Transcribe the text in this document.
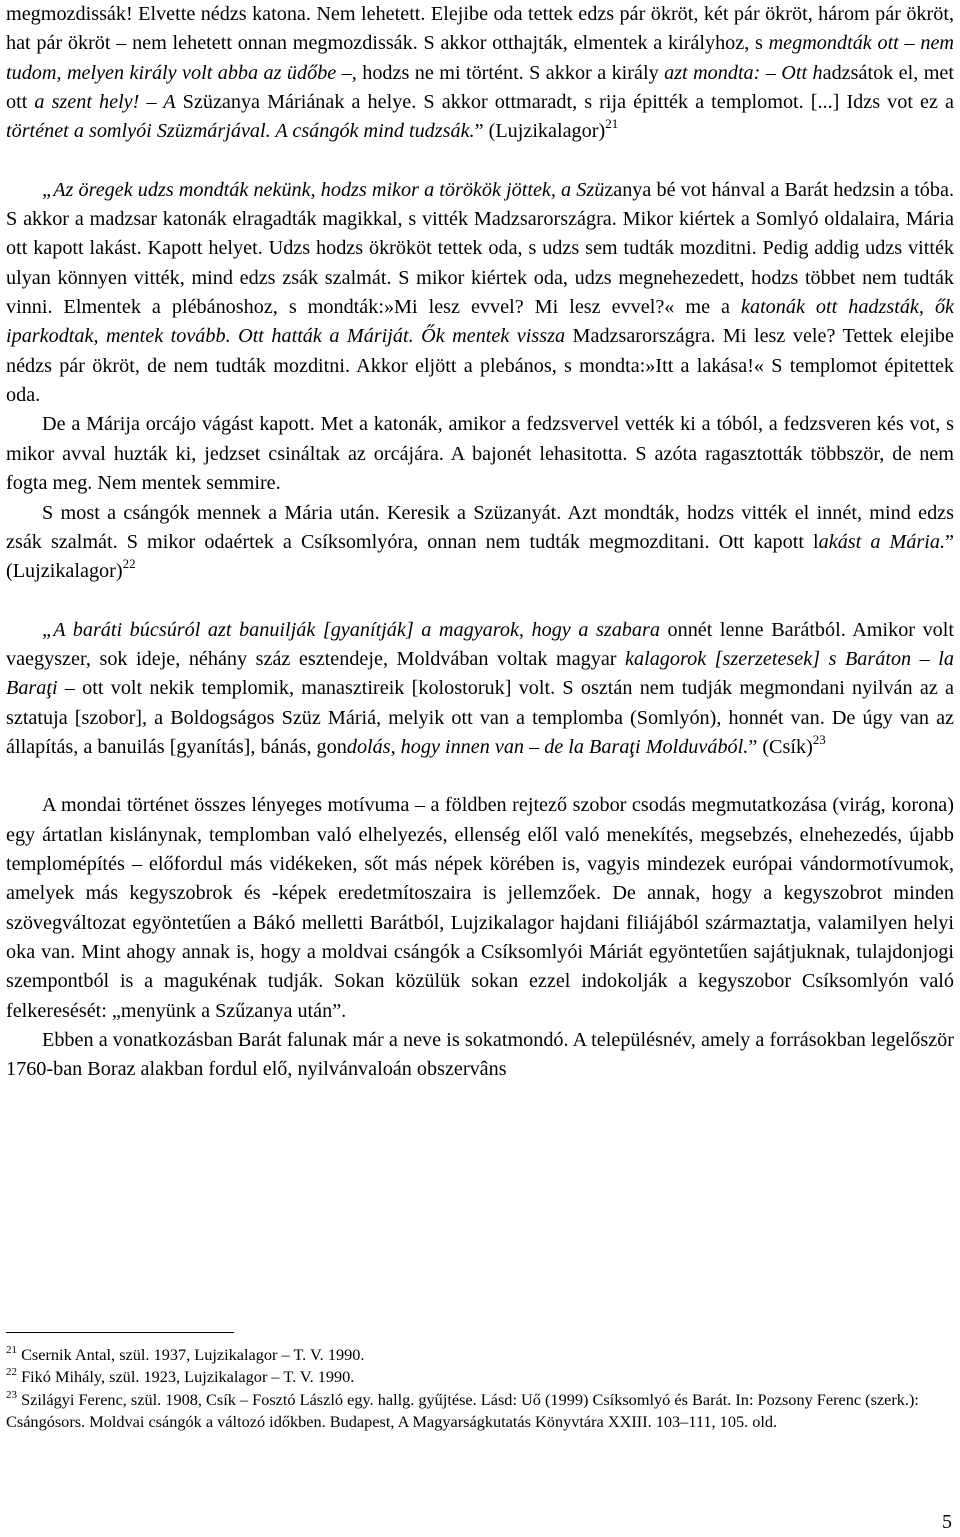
megmozdissák! Elvette nédzs katona. Nem lehetett. Elejibe oda tettek edzs pár ökröt, két pár ökröt, három pár ökröt, hat pár ökröt ‒ nem lehetett onnan megmozdissák. S akkor otthajták, elmentek a királyhoz, s megmondták ott ‒ nem tudom, melyen király volt abba az üdőbe ‒, hodzs ne mi történt. S akkor a király azt mondta: ‒ Ott hadzsátok el, met ott a szent hely! ‒ A Szüzanya Máriának a helye. S akkor ottmaradt, s rija épitték a templomot. [...] Idzs vot ez a történet a somlyói Szüzmárjával. A csángók mind tudzsák.” (Lujzikalagor)$^{21}$

„Az öregek udzs mondták nekünk, hodzs mikor a törökök jöttek, a Szüzanya bé vot hánval a Barát hedzsin a tóba. S akkor a madzsar katonák elragadták magikkal, s vitték Madzsarországra. Mikor kiértek a Somlyó oldalaira, Mária ott kapott lakást. Kapott helyet. Udzs hodzs ökrököt tettek oda, s udzs sem tudták mozditni. Pedig addig udzs vitték ulyan könnyen vitték, mind edzs zsák szalmát. S mikor kiértek oda, udzs megnehezedett, hodzs többet nem tudták vinni. Elmentek a plébánoshoz, s mondták:»Mi lesz evvel? Mi lesz evvel?« me a katonák ott hadzsták, ők iparkodtak, mentek tovább. Ott hatták a Máriját. Ők mentek vissza Madzsarországra. Mi lesz vele? Tettek elejibe nédzs pár ökröt, de nem tudták mozditni. Akkor eljött a plebános, s mondta:»Itt a lakása!« S templomot épitettek oda.

De a Márija orcájo vágást kapott. Met a katonák, amikor a fedzsvervel vették ki a tóból, a fedzsveren kés vot, s mikor avval huzták ki, jedzset csináltak az orcájára. A bajonét lehasitotta. S azóta ragasztották többször, de nem fogta meg. Nem mentek semmire.

S most a csángók mennek a Mária után. Keresik a Szüzanyát. Azt mondták, hodzs vitték el innét, mind edzs zsák szalmát. S mikor odaértek a Csíksomlyóra, onnan nem tudták megmozditani. Ott kapott lakást a Mária.” (Lujzikalagor)$^{22}$

„A baráti búcsúról azt banuilják [gyanítják] a magyarok, hogy a szabara onnét lenne Barátból. Amikor volt vaegyszer, sok ideje, néhány száz esztendeje, Moldvában voltak magyar kalagorok [szerzetesek] s Baráton ‒ la Baraţi ‒ ott volt nekik templomik, manasztireik [kolostoruk] volt. S osztán nem tudják megmondani nyilván az a sztatuja [szobor], a Boldogságos Szüz Máriá, melyik ott van a templomba (Somlyón), honnét van. De úgy van az állapítás, a banuilás [gyanítás], bánás, gondolás, hogy innen van ‒ de la Baraţi Molduvából.” (Csík)$^{23}$

A mondai történet összes lényeges motívuma ‒ a földben rejtező szobor csodás megmutatkozása (virág, korona) egy ártatlan kislánynak, templomban való elhelyezés, ellenség elől való menekítés, megsebzés, elnehezedés, újabb templomépítés ‒ előfordul más vidékeken, sőt más népek körében is, vagyis mindezek európai vándormotívumok, amelyek más kegyszobrok és -képek eredetmítoszaira is jellemzőek. De annak, hogy a kegyszobrot minden szövegváltozat egyöntetűen a Bákó melletti Barátból, Lujzikalagor hajdani filiájából származtatja, valamilyen helyi oka van. Mint ahogy annak is, hogy a moldvai csángók a Csíksomlyói Máriát egyöntetűen sajátjuknak, tulajdonjogi szempontból is a magukénak tudják. Sokan közülük sokan ezzel indokolják a kegyszobor Csíksomlyón való felkeresését: „menyünk a Szűzanya után”.

Ebben a vonatkozásban Barát falunak már a neve is sokatmondó. A településnév, amely a forrásokban legelőször 1760-ban Boraz alakban fordul elő, nyilvánvaloán obszervâns

$^{21}$ Csernik Antal, szül. 1937, Lujzikalagor ‒ T. V. 1990.

$^{22}$ Fikó Mihály, szül. 1923, Lujzikalagor ‒ T. V. 1990.

$^{23}$ Szilágyi Ferenc, szül. 1908, Csík ‒ Fosztó László egy. hallg. gyűjtése. Lásd: Uő (1999) Csíksomlyó és Barát. In: Pozsony Ferenc (szerk.): Csángósors. Moldvai csángók a változó időkben. Budapest, A Magyarságkutatás Könyvtára XXIII. 103‒111, 105. old.

5
